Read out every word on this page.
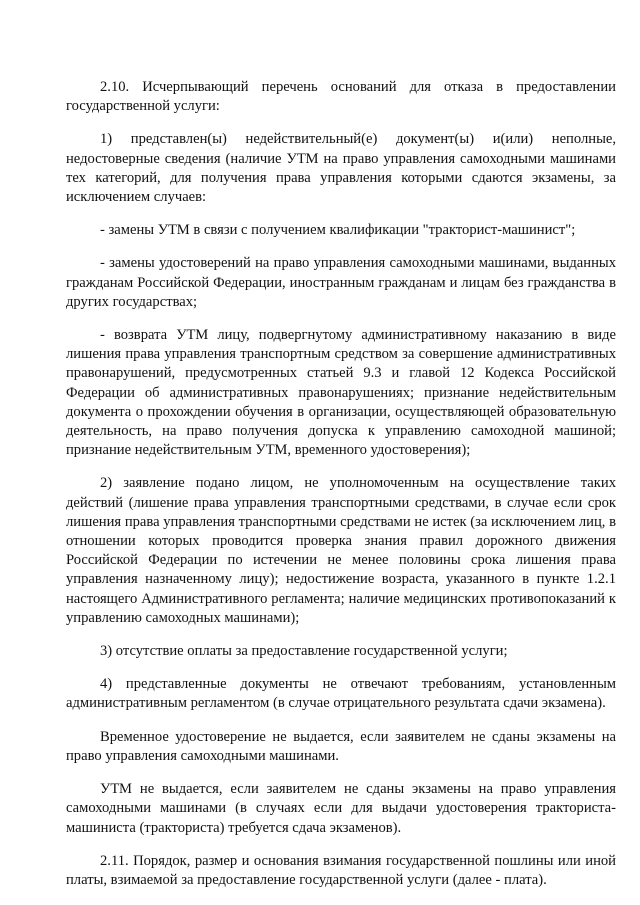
2.10. Исчерпывающий перечень оснований для отказа в предоставлении государственной услуги:

1) представлен(ы) недействительный(е) документ(ы) и(или) неполные, недостоверные сведения (наличие УТМ на право управления самоходными машинами тех категорий, для получения права управления которыми сдаются экзамены, за исключением случаев:

- замены УТМ в связи с получением квалификации "тракторист-машинист";

- замены удостоверений на право управления самоходными машинами, выданных гражданам Российской Федерации, иностранным гражданам и лицам без гражданства в других государствах;

- возврата УТМ лицу, подвергнутому административному наказанию в виде лишения права управления транспортным средством за совершение административных правонарушений, предусмотренных статьей 9.3 и главой 12 Кодекса Российской Федерации об административных правонарушениях; признание недействительным документа о прохождении обучения в организации, осуществляющей образовательную деятельность, на право получения допуска к управлению самоходной машиной; признание недействительным УТМ, временного удостоверения);

2) заявление подано лицом, не уполномоченным на осуществление таких действий (лишение права управления транспортными средствами, в случае если срок лишения права управления транспортными средствами не истек (за исключением лиц, в отношении которых проводится проверка знания правил дорожного движения Российской Федерации по истечении не менее половины срока лишения права управления назначенному лицу); недостижение возраста, указанного в пункте 1.2.1 настоящего Административного регламента; наличие медицинских противопоказаний к управлению самоходных машинами);

3) отсутствие оплаты за предоставление государственной услуги;

4) представленные документы не отвечают требованиям, установленным административным регламентом (в случае отрицательного результата сдачи экзамена).

Временное удостоверение не выдается, если заявителем не сданы экзамены на право управления самоходными машинами.

УТМ не выдается, если заявителем не сданы экзамены на право управления самоходными машинами (в случаях если для выдачи удостоверения тракториста-машиниста (тракториста) требуется сдача экзаменов).

2.11. Порядок, размер и основания взимания государственной пошлины или иной платы, взимаемой за предоставление государственной услуги (далее - плата).
